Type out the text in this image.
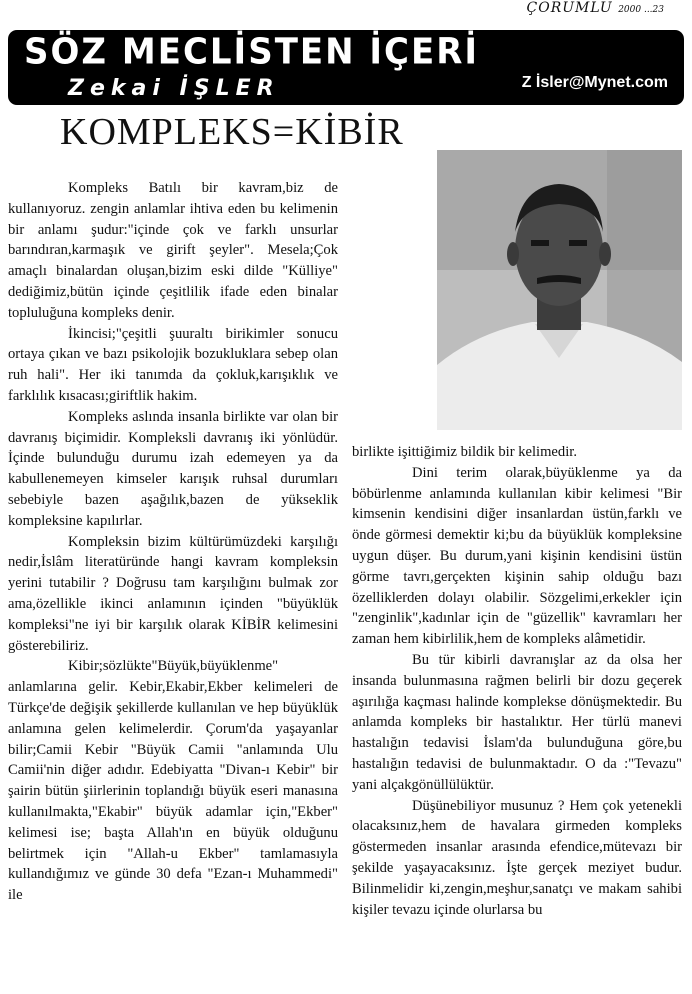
ÇORUMLU 2000 ...23
SÖZ MECLİSTEN İÇERİ
Zekai İŞLER	Z İsler@Mynet.com
KOMPLEKS=KİBİR

Kompleks Batılı bir kavram,biz de kullanıyoruz. zengin anlamlar ihtiva eden bu kelimenin bir anlamı şudur:"içinde çok ve farklı unsurlar barındıran,karmaşık ve girift şeyler". Mesela;Çok amaçlı binalardan oluşan,bizim eski dilde "Külliye" dediğimiz,bütün içinde çeşitlilik ifade eden binalar topluluğuna kompleks denir.

İkincisi;"çeşitli şuuraltı birikimler sonucu ortaya çıkan ve bazı psikolojik bozukluklara sebep olan ruh hali". Her iki tanımda da çokluk,karışıklık ve farklılık kısacası;giriftlik hakim.

Kompleks aslında insanla birlikte var olan bir davranış biçimidir. Kompleksli davranış iki yönlüdür. İçinde bulunduğu durumu izah edemeyen ya da kabullenemeyen kimseler karışık ruhsal durumları sebebiyle bazen aşağılık,bazen de yükseklik kompleksine kapılırlar.

Kompleksin bizim kültürümüzdeki karşılığı nedir,İslâm literatüründe hangi kavram kompleksin yerini tutabilir ? Doğrusu tam karşılığını bulmak zor ama,özellikle ikinci anlamının içinden "büyüklük kompleksi"ne iyi bir karşılık olarak KİBİR kelimesini gösterebiliriz.

Kibir;sözlükte"Büyük,büyüklenme" anlamlarına gelir. Kebir,Ekabir,Ekber kelimeleri de Türkçe'de değişik şekillerde kullanılan ve hep büyüklük anlamına gelen kelimelerdir. Çorum'da yaşayanlar bilir;Camii Kebir "Büyük Camii "anlamında Ulu Camii'nin diğer adıdır. Edebiyatta "Divan-ı Kebir" bir şairin bütün şiirlerinin toplandığı büyük eseri manasına kullanılmakta,"Ekabir" büyük adamlar için,"Ekber" kelimesi ise; başta Allah'ın en büyük olduğunu belirtmek için "Allah-u Ekber" tamlamasıyla kullandığımız ve günde 30 defa "Ezan-ı Muhammedi" ile

birlikte işittiğimiz bildik bir kelimedir.

Dini terim olarak,büyüklenme ya da böbürlenme anlamında kullanılan kibir kelimesi "Bir kimsenin kendisini diğer insanlardan üstün,farklı ve önde görmesi demektir ki;bu da büyüklük kompleksine uygun düşer. Bu durum,yani kişinin kendisini üstün görme tavrı,gerçekten kişinin sahip olduğu bazı özelliklerden dolayı olabilir. Sözgelimi,erkekler için "zenginlik",kadınlar için de "güzellik" kavramları her zaman hem kibirlilik,hem de kompleks alâmetidir.

Bu tür kibirli davranışlar az da olsa her insanda bulunmasına rağmen belirli bir dozu geçerek aşırılığa kaçması halinde komplekse dönüşmektedir. Bu anlamda kompleks bir hastalıktır. Her türlü manevi hastalığın tedavisi İslam'da bulunduğuna göre,bu hastalığın tedavisi de bulunmaktadır. O da :"Tevazu" yani alçakgönüllülüktür.

Düşünebiliyor musunuz ? Hem çok yetenekli olacaksınız,hem de havalara girmeden kompleks göstermeden insanlar arasında efendice,mütevazı bir şekilde yaşayacaksınız. İşte gerçek meziyet budur. Bilinmelidir ki,zengin,meşhur,sanatçı ve makam sahibi kişiler tevazu içinde olurlarsa bu
